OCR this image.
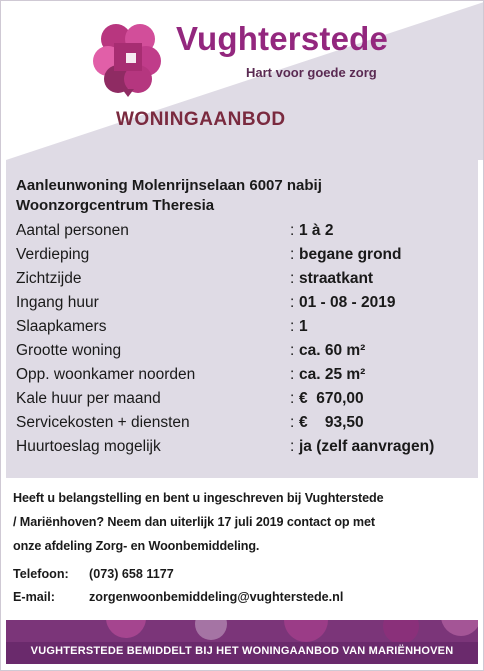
Vughterstede
Hart voor goede zorg
WONINGAANBOD
Aanleunwoning Molenrijnselaan 6007 nabij
Woonzorgcentrum Theresia
Aantal personen	: 1 à 2
Verdieping	: begane grond
Zichtzijde	: straatkant
Ingang huur	: 01 - 08 - 2019
Slaapkamers	: 1
Grootte woning	: ca. 60 m²
Opp. woonkamer noorden	: ca. 25 m²
Kale huur per maand	: €  670,00
Servicekosten + diensten	: €    93,50
Huurtoeslag mogelijk	: ja (zelf aanvragen)
Heeft u belangstelling en bent u ingeschreven bij Vughterstede
/ Mariënhoven? Neem dan uiterlijk 17 juli 2019 contact op met
onze afdeling Zorg- en Woonbemiddeling.
Telefoon: (073) 658 1177
E-mail:	zorgenwoonbemiddeling@vughterstede.nl
VUGHTERSTEDE BEMIDDELT BIJ HET WONINGAANBOD VAN MARIËNHOVEN
